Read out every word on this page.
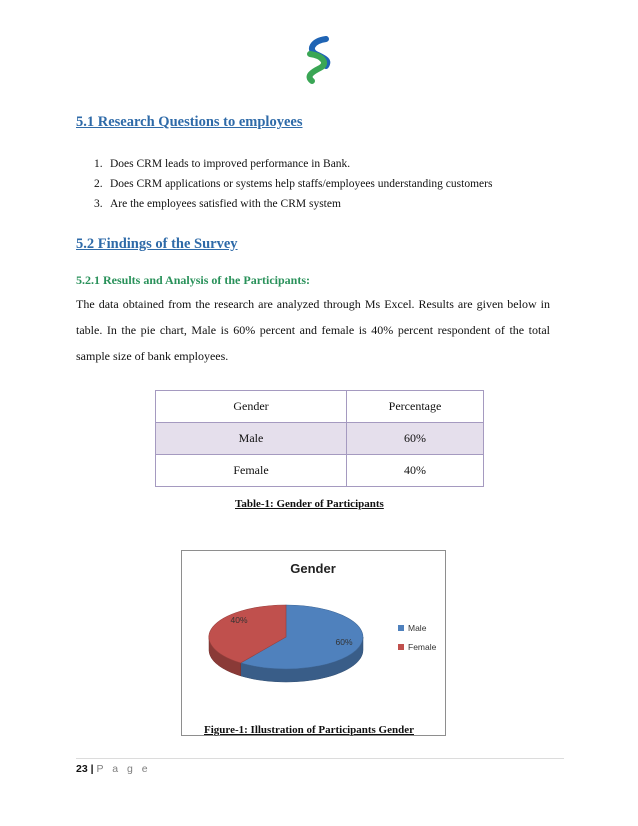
5.1 Research Questions to employees
1. Does CRM leads to improved performance in Bank.
2. Does CRM applications or systems help staffs/employees understanding customers
3. Are the employees satisfied with the CRM system
5.2 Findings of the Survey
5.2.1 Results and Analysis of the Participants:

The data obtained from the research are analyzed through Ms Excel. Results are given below in table. In the pie chart, Male is 60% percent and female is 40% percent respondent of the total sample size of bank employees.

Gender	Percentage
Male	60%
Female	40%
Table-1: Gender of Participants
Gender
60%
40%
Male
Female
Figure-1: Illustration of Participants Gender
23 | P a g e
